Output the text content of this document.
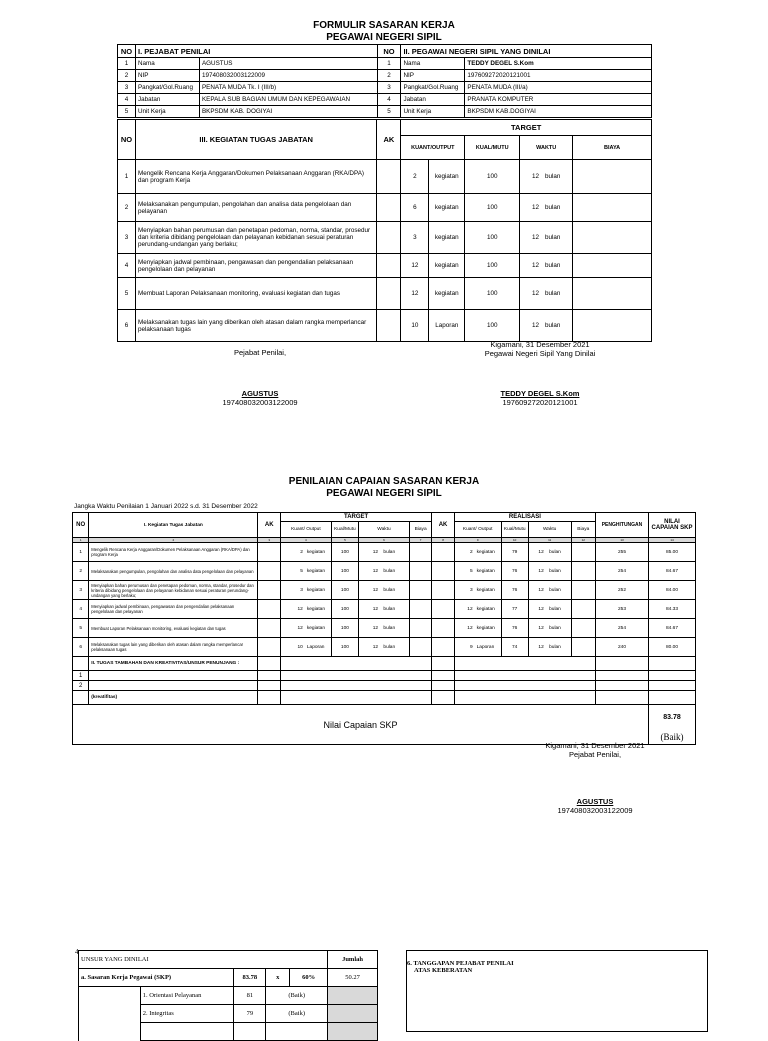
FORMULIR SASARAN KERJA
PEGAWAI NEGERI SIPIL
NO	I. PEJABAT PENILAI		NO	II. PEGAWAI NEGERI SIPIL YANG DINILAI	
1	Nama	AGUSTUS	1	Nama	TEDDY DEGEL S.Kom
2	NIP	197408032003122009	2	NIP	197609272020121001
3	Pangkat/Gol.Ruang	PENATA MUDA Tk. I (III/b)	3	Pangkat/Gol.Ruang	PENATA MUDA (III/a)
4	Jabatan	KEPALA SUB BAGIAN UMUM DAN KEPEGAWAIAN	4	Jabatan	PRANATA KOMPUTER
5	Unit Kerja	BKPSDM KAB. DOGIYAI	5	Unit Kerja	BKPSDM KAB.DOGIYAI
NO	III. KEGIATAN TUGAS JABATAN	AK	TARGET				
			KUANT/OUTPUT		KUAL/MUTU	WAKTU	BIAYA
1	Mengelik Rencana Kerja Anggaran/Dokumen Pelaksanaan Anggaran (RKA/DPA) dan program Kerja		2	kegiatan	100	12 bulan	
2	Melaksanakan pengumpulan, pengolahan dan analisa data pengelolaan dan pelayanan		6	kegiatan	100	12 bulan	
3	Menyiapkan bahan perumusan dan penetapan pedoman, norma, standar, prosedur dan kriteria dibidang pengelolaan dan pelayanan kebidanan sesuai peraturan perundang-undangan yang berlaku;		3	kegiatan	100	12 bulan	
4	Menyiapkan jadwal pembinaan, pengawasan dan pengendalian pelaksanaan pengelolaan dan pelayanan		12	kegiatan	100	12 bulan	
5	Membuat Laporan Pelaksanaan monitoring, evaluasi kegiatan dan tugas		12	kegiatan	100	12 bulan	
6	Melaksanakan tugas lain yang diberikan oleh atasan dalam rangka memperlancar pelaksanaan tugas		10	Laporan	100	12 bulan	
Pejabat Penilai,
Kigamani, 31 Desember 2021
Pegawai Negeri Sipil Yang Dinilai
AGUSTUS
197408032003122009
TEDDY DEGEL S.Kom
197609272020121001
PENILAIAN CAPAIAN SASARAN KERJA
PEGAWAI NEGERI SIPIL
Jangka Waktu Penilaian 1 Januari 2022 s.d. 31 Desember 2022
NO	I. Kegiatan Tugas Jabatan	AK	TARGET					AK	REALISASI					PENGHITUNGAN	NILAI CAPAIAN SKP
			Kuant/ Output		Kual/Mutu	Waktu	Biaya		Kuant/ Output		Kual/Mutu	Waktu	Biaya		
1	2	3	4		5	6	7	8	9		10	11	12	13	14
1	Mengelik Rencana Kerja Anggaran/Dokumen Pelaksanaan Anggaran (RKA/DPA) dan program Kerja		2	kegiatan	100	12 bulan			2	kegiatan	79	12 bulan		255	85.00
2	Melaksanakan pengumpulan, pengolahan dan analisa data pengelolaan dan pelayanan		5	kegiatan	100	12 bulan			5	kegiatan	76	12 bulan		254	84.67
3	Menyiapkan bahan perumusan dan penetapan pedoman, norma, standar, prosedur dan kriteria dibidang pengelolaan dan pelayanan kebidanan sesuai peraturan perundang-undangan yang berlaku;		3	kegiatan	100	12 bulan			3	kegiatan	76	12 bulan		252	84.00
4	Menyiapkan jadwal pembinaan, pengawasan dan pengendalian pelaksanaan pengelolaan dan pelayanan		12	kegiatan	100	12 bulan			12	kegiatan	77	12 bulan		253	84.33
5	Membuat Laporan Pelaksanaan monitoring, evaluasi kegiatan dan tugas		12	kegiatan	100	12 bulan			12	kegiatan	76	12 bulan		254	84.67
6	Melaksanakan tugas lain yang diberikan oleh atasan dalam rangka memperlancar pelaksanaan tugas		10	Laporan	100	12 bulan			9	Laporan	74	12 bulan		240	80.00
	II. TUGAS TAMBAHAN DAN KREATIVITAS/UNSUR PENUNJANG :														
1															
2															
	(kreatifitas)														
Nilai Capaian SKP															83.78
															(Baik)
Kigamani, 31 Desember 2021
Pejabat Penilai,
AGUSTUS
197408032003122009
4
UNSUR YANG DINILAI					Jumlah
a. Sasaran Kerja Pegawai (SKP)		83.78	x	60%	50.27
	1. Orientasi Pelayanan	81	(Baik)		
	2. Integritas	79	(Baik)		

6. TANGGAPAN PEJABAT PENILAI
ATAS KEBERATAN
